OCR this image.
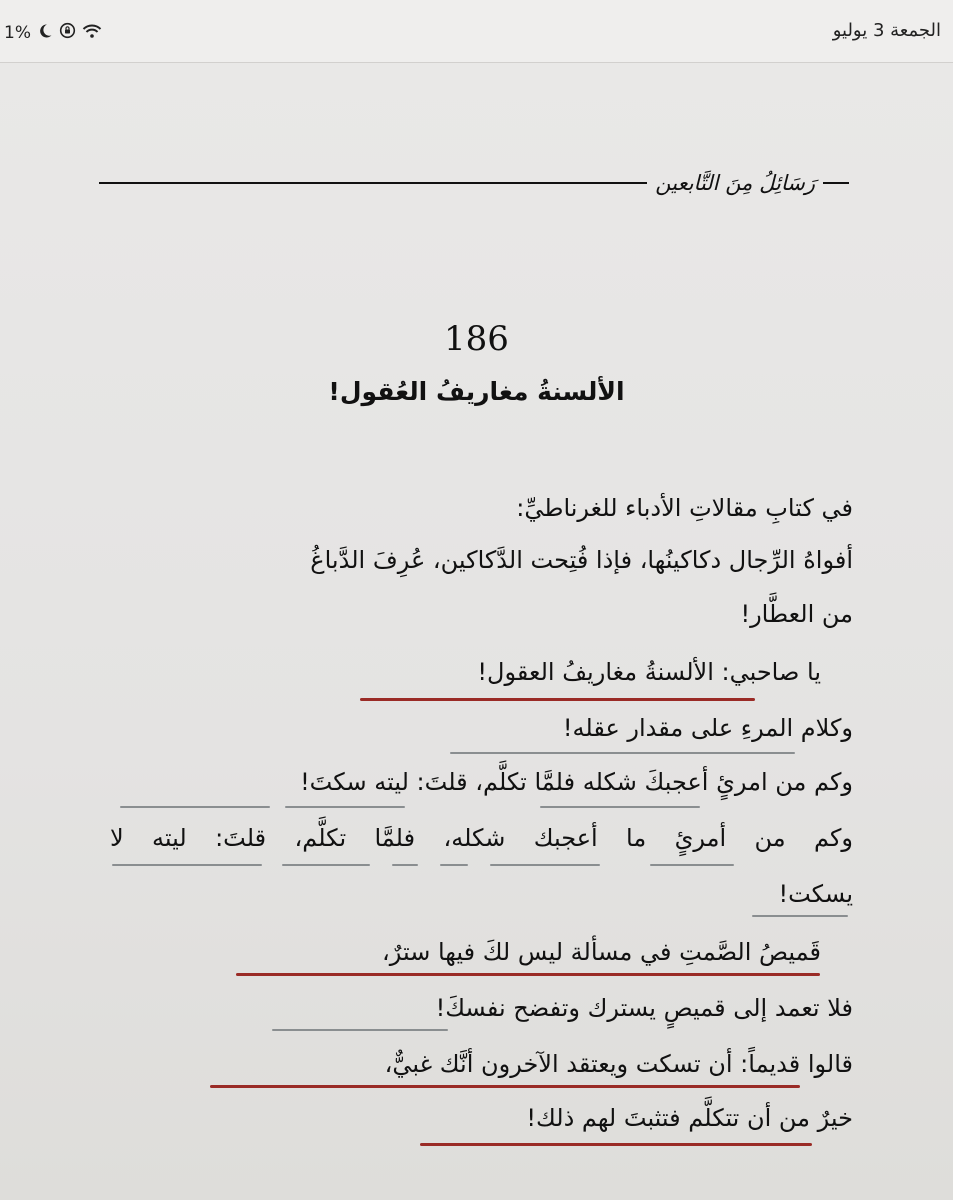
1%	الجمعة 3 يوليو
رَسَائِلُ مِنَ التَّابعين
186
الألسنةُ مغاريفُ العُقول!
في كتابِ مقالاتِ الأدباء للغرناطيِّ:
أفواهُ الرِّجال دكاكينُها، فإذا فُتِحت الدَّكاكين، عُرِفَ الدَّباغُ
من العطَّار!
يا صاحبي: الألسنةُ مغاريفُ العقول!
وكلام المرءِ على مقدار عقله!
وكم من امرئٍ أعجبكَ شكله فلمَّا تكلَّم، قلتَ: ليته سكتَ!
وكم من أمرئٍ ما أعجبك شكله، فلمَّا تكلَّم، قلتَ: ليته لا
يسكت!
قَميصُ الصَّمتِ في مسألة ليس لكَ فيها سترٌ،
فلا تعمد إلى قميصٍ يسترك وتفضح نفسكَ!
قالوا قديماً: أن تسكت ويعتقد الآخرون أنَّك غبيٌّ،
خيرٌ من أن تتكلَّم فتثبتَ لهم ذلك!
